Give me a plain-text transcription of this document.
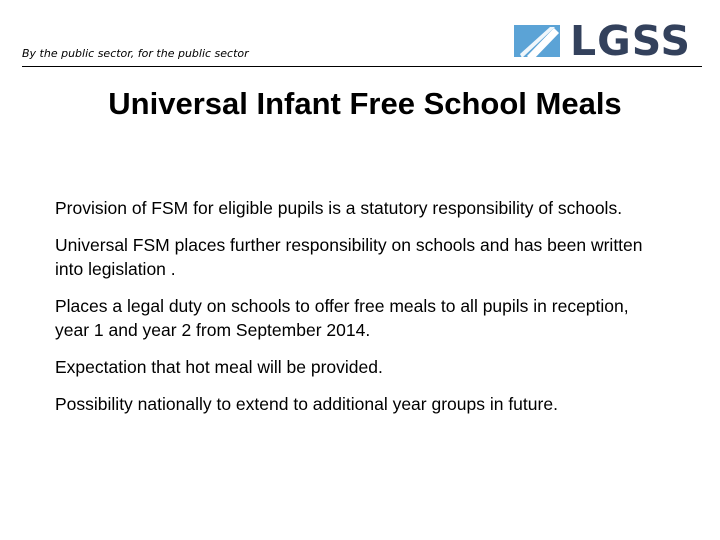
By the public sector, for the public sector	LGSS
Universal Infant Free School Meals
Provision of FSM for eligible pupils is a statutory responsibility of schools.
Universal FSM places further responsibility on schools and has been written into legislation .
Places a legal duty on schools to offer free meals to all pupils in reception, year 1 and year 2 from September 2014.
Expectation that hot meal will be provided.
Possibility nationally to extend to additional year groups in future.
